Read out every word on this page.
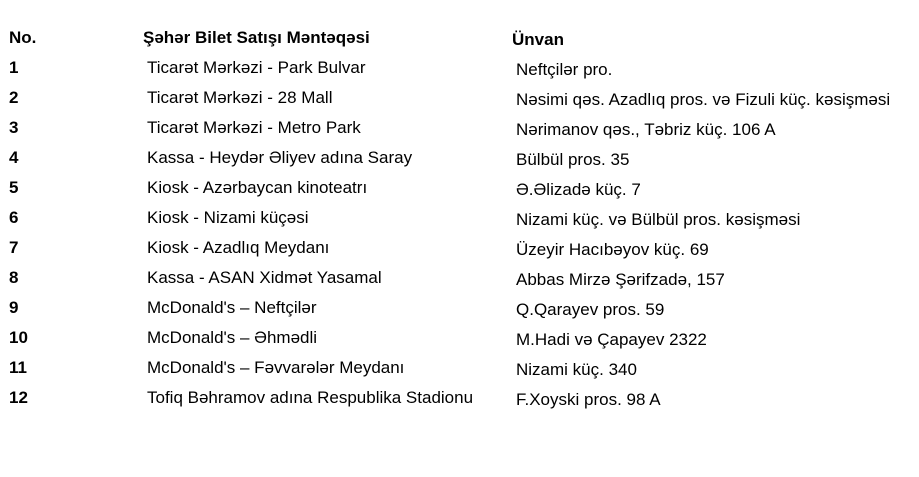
No.	Şəhər Bilet Satışı Məntəqəsi	Ünvan
1	Ticarət Mərkəzi - Park Bulvar	Neftçilər pro.
2	Ticarət Mərkəzi - 28 Mall	Nəsimi qəs. Azadlıq pros. və Fizuli küç. kəsişməsi
3	Ticarət Mərkəzi - Metro Park	Nərimanov qəs., Təbriz küç. 106 A
4	Kassa - Heydər Əliyev adına Saray	Bülbül pros. 35
5	Kiosk - Azərbaycan kinoteatrı	Ə.Əlizadə küç. 7
6	Kiosk - Nizami küçəsi	Nizami küç. və Bülbül pros. kəsişməsi
7	Kiosk - Azadlıq Meydanı	Üzeyir Hacıbəyov küç. 69
8	Kassa - ASAN Xidmət Yasamal	Abbas Mirzə Şərifzadə, 157
9	McDonald's – Neftçilər	Q.Qarayev pros. 59
10	McDonald's – Əhmədli	M.Hadi və Çapayev 2322
11	McDonald's – Fəvvarələr Meydanı	Nizami küç. 340
12	Tofiq Bəhramov adına Respublika Stadionu	F.Xoyski pros. 98 A
